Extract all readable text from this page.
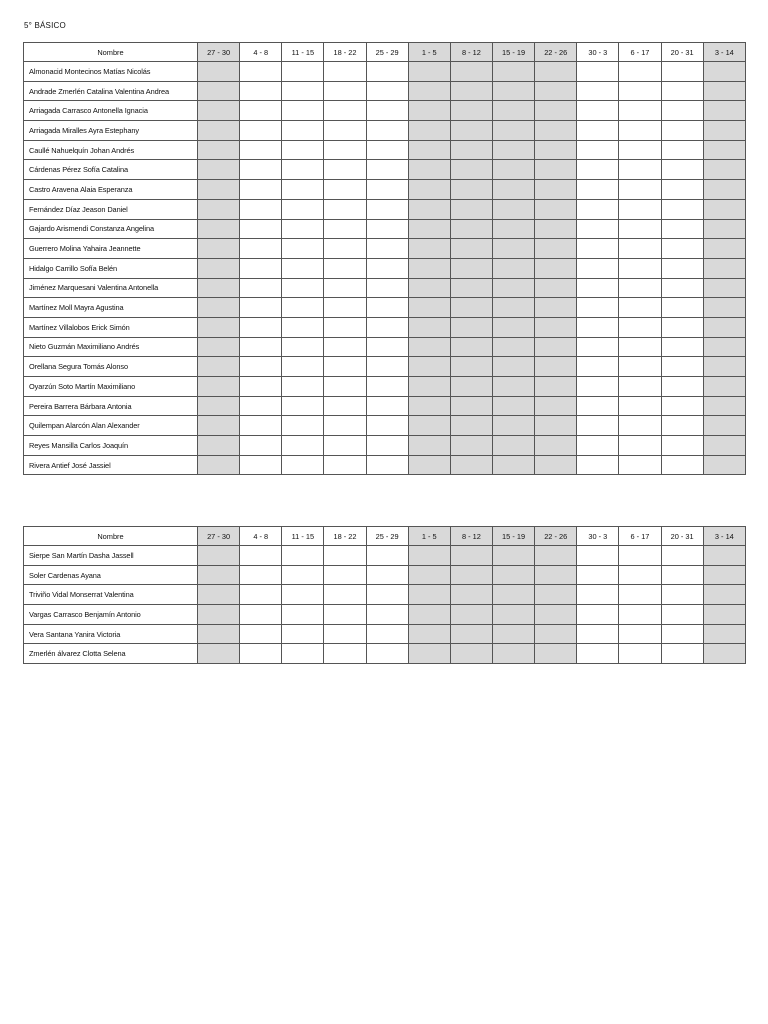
5° BÁSICO
Nombre	27 - 30	4 - 8	11 - 15	18 - 22	25 - 29	1 - 5	8 - 12	15 - 19	22 - 26	30 - 3	6 - 17	20 - 31	3 - 14
Almonacid Montecinos Matías Nicolás													
Andrade Zmerlén Catalina Valentina Andrea													
Arriagada Carrasco Antonella Ignacia													
Arriagada Miralles Ayra Estephany													
Caullé Nahuelquín Johan Andrés													
Cárdenas Pérez Sofía Catalina													
Castro Aravena Alaia Esperanza													
Fernández Díaz Jeason Daniel													
Gajardo Arismendi Constanza Angelina													
Guerrero Molina Yahaira Jeannette													
Hidalgo Carrillo Sofía Belén													
Jiménez Marquesani Valentina Antonella													
Martínez Moll Mayra Agustina													
Martínez Villalobos Erick Simón													
Nieto Guzmán Maximiliano Andrés													
Orellana Segura Tomás Alonso													
Oyarzún Soto Martín Maximiliano													
Pereira Barrera Bárbara Antonia													
Quilempan Alarcón Alan Alexander													
Reyes Mansilla Carlos Joaquín													
Rivera Antief José Jassiel													
Nombre	27 - 30	4 - 8	11 - 15	18 - 22	25 - 29	1 - 5	8 - 12	15 - 19	22 - 26	30 - 3	6 - 17	20 - 31	3 - 14
Sierpe San Martín Dasha Jassell													
Soler Cardenas Ayana													
Triviño Vidal Monserrat Valentina													
Vargas Carrasco Benjamín Antonio													
Vera Santana Yanira Victoria													
Zmerlén álvarez Clotta Selena													
